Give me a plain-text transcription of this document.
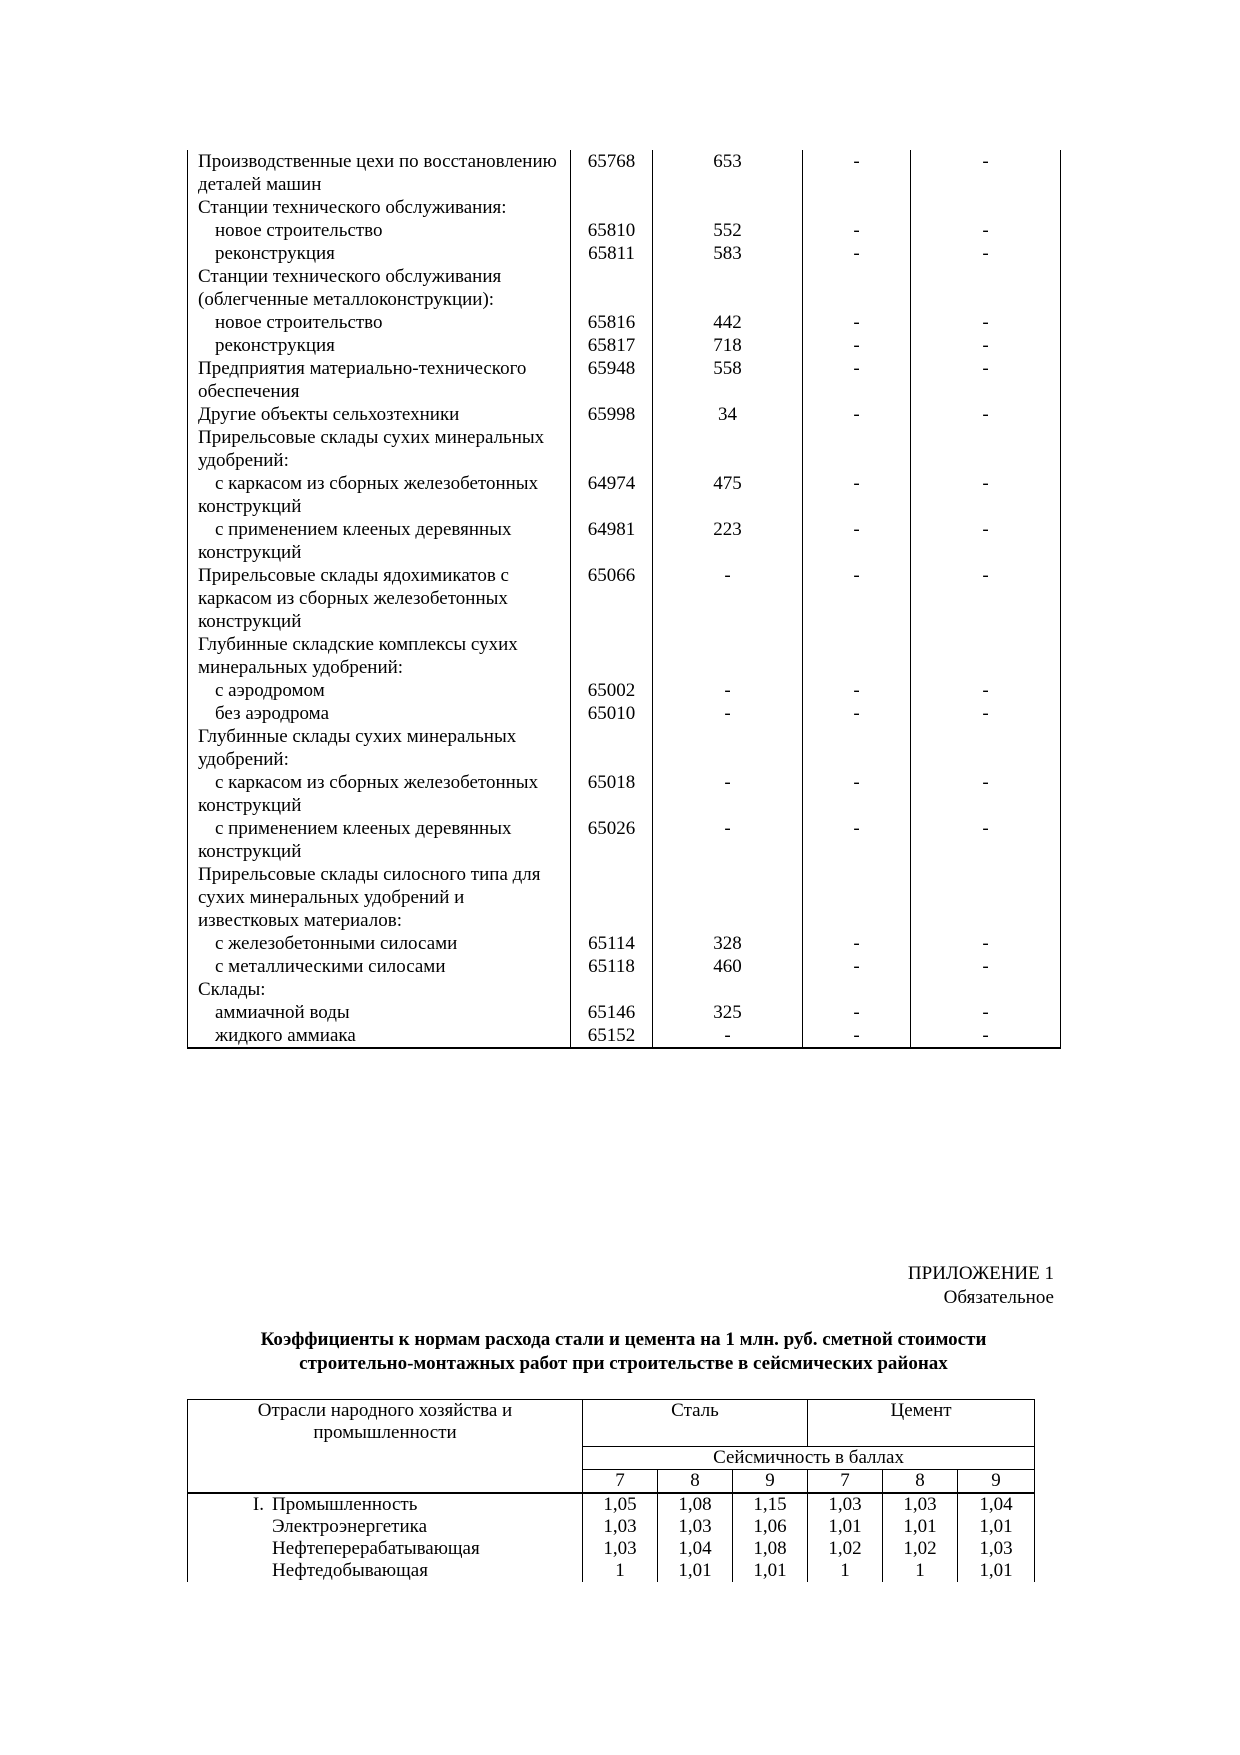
Производственные цехи по восстановлению деталей машин	65768	653	-	-
Станции технического обслуживания:				
новое строительство	65810	552	-	-
реконструкция	65811	583	-	-
Станции технического обслуживания (облегченные металлоконструкции):				
новое строительство	65816	442	-	-
реконструкция	65817	718	-	-
Предприятия материально-технического обеспечения	65948	558	-	-
Другие объекты сельхозтехники	65998	34	-	-
Прирельсовые склады сухих минеральных удобрений:				
с каркасом из сборных железобетонных конструкций	64974	475	-	-
с применением клееных деревянных конструкций	64981	223	-	-
Прирельсовые склады ядохимикатов с каркасом из сборных железобетонных конструкций	65066	-	-	-
Глубинные складские комплексы сухих минеральных удобрений:				
с аэродромом	65002	-	-	-
без аэродрома	65010	-	-	-
Глубинные склады сухих минеральных удобрений:				
с каркасом из сборных железобетонных конструкций	65018	-	-	-
с применением клееных деревянных конструкций	65026	-	-	-
Прирельсовые склады силосного типа для сухих минеральных удобрений и известковых материалов:				
с железобетонными силосами	65114	328	-	-
с металлическими силосами	65118	460	-	-
Склады:				
аммиачной воды	65146	325	-	-
жидкого аммиака	65152	-	-	-
ПРИЛОЖЕНИЕ 1
Обязательное
Коэффициенты к нормам расхода стали и цемента на 1 млн. руб. сметной стоимости
строительно-монтажных работ при строительстве в сейсмических районах
Отрасли народного хозяйства и промышленности	Сталь			Цемент		
	Сейсмичность в баллах					
	7	8	9	7	8	9
I. Промышленность	1,05	1,08	1,15	1,03	1,03	1,04
Электроэнергетика	1,03	1,03	1,06	1,01	1,01	1,01
Нефтеперерабатывающая	1,03	1,04	1,08	1,02	1,02	1,03
Нефтедобывающая	1	1,01	1,01	1	1	1,01
